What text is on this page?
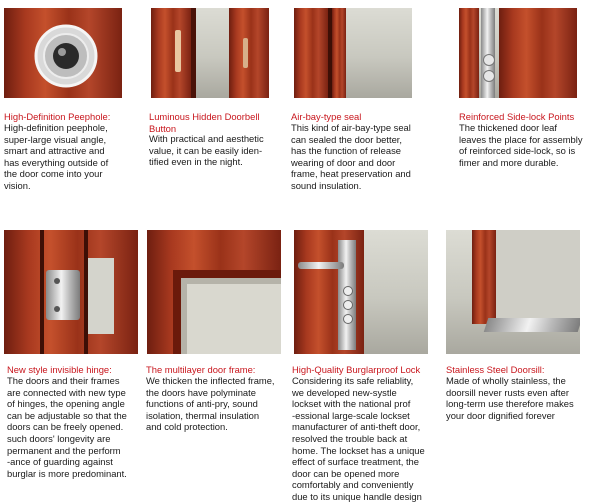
High-Definition Peephole:
High-definition peephole,
super-large visual angle,
smart and attractive and
has everything outside of
the door come into your
vision.
Luminous Hidden Doorbell
Button
With practical and aesthetic
value, it can be easily iden-
tified even in the night.
Air-bay-type seal
This kind of air-bay-type seal
can sealed the door better,
has the function of release
wearing of door and door
frame, heat preservation and
sound insulation.
Reinforced Side-lock Points
The thickened door leaf
leaves the place for assembly
of reinforced side-lock, so is
fimer and more durable.
New style invisible hinge:
The doors and their frames
are connected with new type
of hinges, the opening angle
can be adjustable so that the
doors can be freely opened.
such doors' longevity are
permanent and the perform
-ance of guarding against
burglar is more predominant.
The multilayer door frame:
We thicken the inflected frame,
the doors have polyminate
functions of anti-pry, sound
isolation, thermal insulation
and cold protection.
High-Quality Burglarproof Lock
Considering its safe reliablity,
we developed new-systle
lockset with the national prof
-essional large-scale lockset
manufacturer of anti-theft door,
resolved the trouble back at
home. The lockset has a unique
effect of surface treatment, the
door can be opened more
comfortably and conveniently
due to its unique handle design
Stainless Steel Doorsill:
Made of wholly stainless, the
doorsill never rusts even after
long-term use therefore makes
your door dignified forever
